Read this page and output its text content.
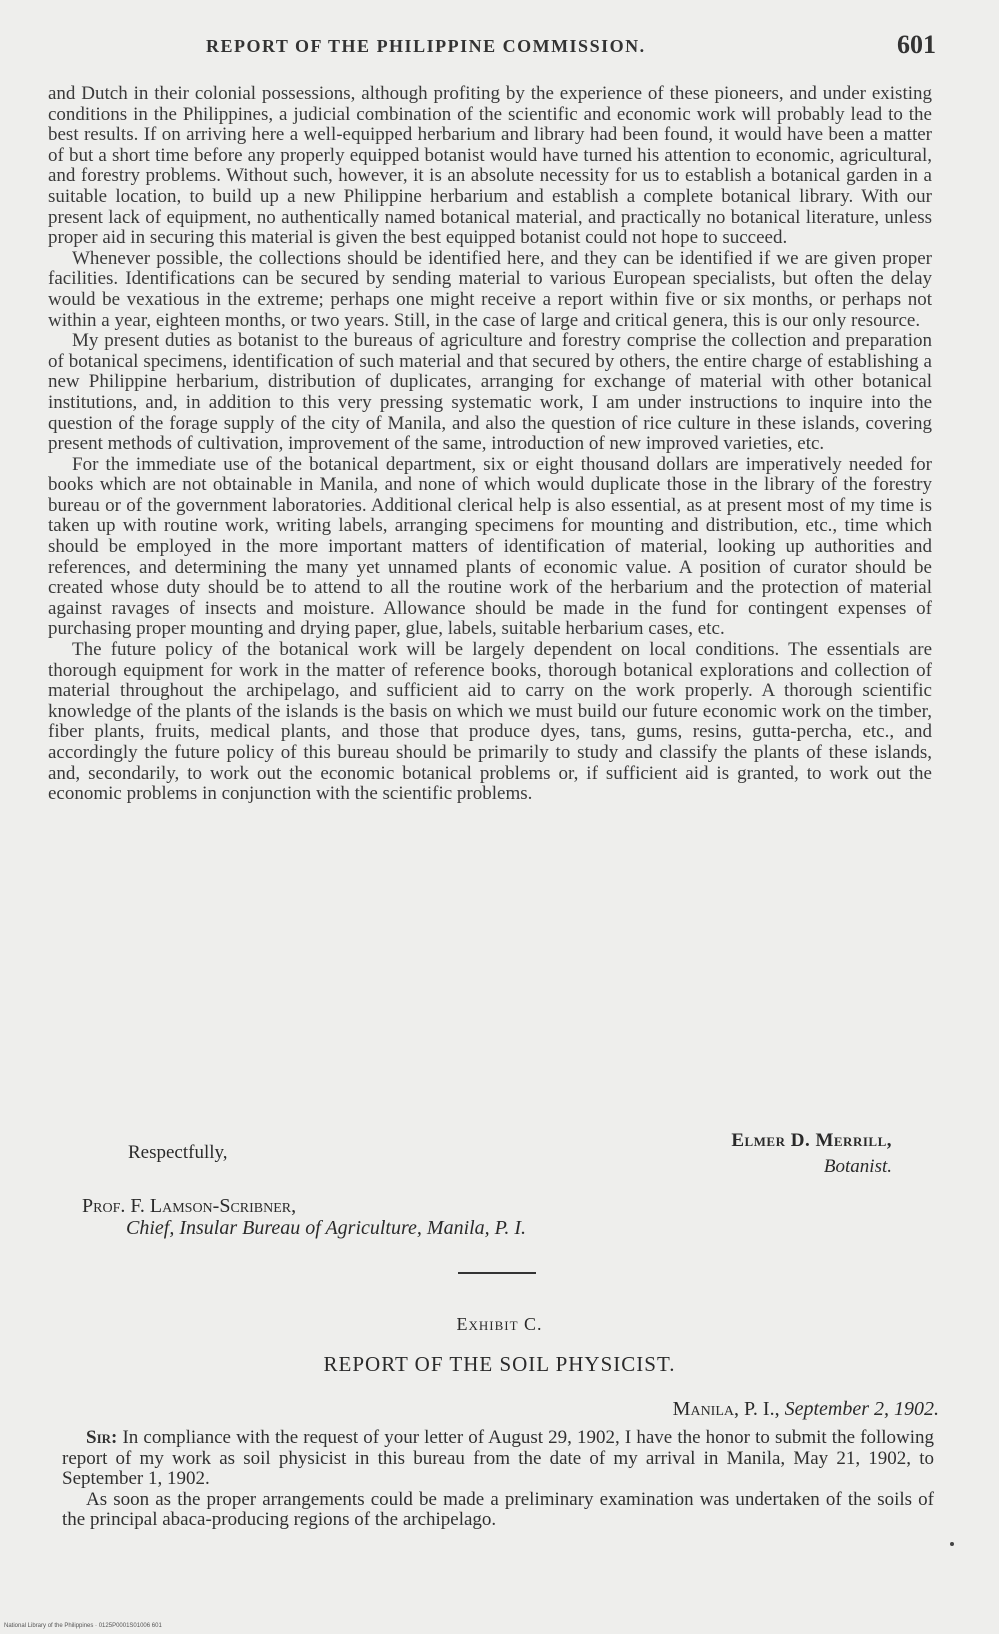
REPORT OF THE PHILIPPINE COMMISSION.	601

and Dutch in their colonial possessions, although profiting by the experience of these pioneers, and under existing conditions in the Philippines, a judicial combination of the scientific and economic work will probably lead to the best results. If on arriving here a well-equipped herbarium and library had been found, it would have been a matter of but a short time before any properly equipped botanist would have turned his attention to economic, agricultural, and forestry problems. Without such, however, it is an absolute necessity for us to establish a botanical garden in a suitable location, to build up a new Philippine herbarium and establish a complete botanical library. With our present lack of equipment, no authentically named botanical material, and practically no botanical literature, unless proper aid in securing this material is given the best equipped botanist could not hope to succeed.

Whenever possible, the collections should be identified here, and they can be identified if we are given proper facilities. Identifications can be secured by sending material to various European specialists, but often the delay would be vexatious in the extreme; perhaps one might receive a report within five or six months, or perhaps not within a year, eighteen months, or two years. Still, in the case of large and critical genera, this is our only resource.

My present duties as botanist to the bureaus of agriculture and forestry comprise the collection and preparation of botanical specimens, identification of such material and that secured by others, the entire charge of establishing a new Philippine herbarium, distribution of duplicates, arranging for exchange of material with other botanical institutions, and, in addition to this very pressing systematic work, I am under instructions to inquire into the question of the forage supply of the city of Manila, and also the question of rice culture in these islands, covering present methods of cultivation, improvement of the same, introduction of new improved varieties, etc.

For the immediate use of the botanical department, six or eight thousand dollars are imperatively needed for books which are not obtainable in Manila, and none of which would duplicate those in the library of the forestry bureau or of the government laboratories. Additional clerical help is also essential, as at present most of my time is taken up with routine work, writing labels, arranging specimens for mounting and distribution, etc., time which should be employed in the more important matters of identification of material, looking up authorities and references, and determining the many yet unnamed plants of economic value. A position of curator should be created whose duty should be to attend to all the routine work of the herbarium and the protection of material against ravages of insects and moisture. Allowance should be made in the fund for contingent expenses of purchasing proper mounting and drying paper, glue, labels, suitable herbarium cases, etc.

The future policy of the botanical work will be largely dependent on local conditions. The essentials are thorough equipment for work in the matter of reference books, thorough botanical explorations and collection of material throughout the archipelago, and sufficient aid to carry on the work properly. A thorough scientific knowledge of the plants of the islands is the basis on which we must build our future economic work on the timber, fiber plants, fruits, medical plants, and those that produce dyes, tans, gums, resins, gutta-percha, etc., and accordingly the future policy of this bureau should be primarily to study and classify the plants of these islands, and, secondarily, to work out the economic botanical problems or, if sufficient aid is granted, to work out the economic problems in conjunction with the scientific problems.

Respectfully,
Elmer D. Merrill,
Botanist.
Prof. F. Lamson-Scribner,
Chief, Insular Bureau of Agriculture, Manila, P. I.
Exhibit C.
REPORT OF THE SOIL PHYSICIST.
Manila, P. I., September 2, 1902.

Sir: In compliance with the request of your letter of August 29, 1902, I have the honor to submit the following report of my work as soil physicist in this bureau from the date of my arrival in Manila, May 21, 1902, to September 1, 1902.

As soon as the proper arrangements could be made a preliminary examination was undertaken of the soils of the principal abaca-producing regions of the archipelago.

National Library of the Philippines · 0125P0001S01006 601
